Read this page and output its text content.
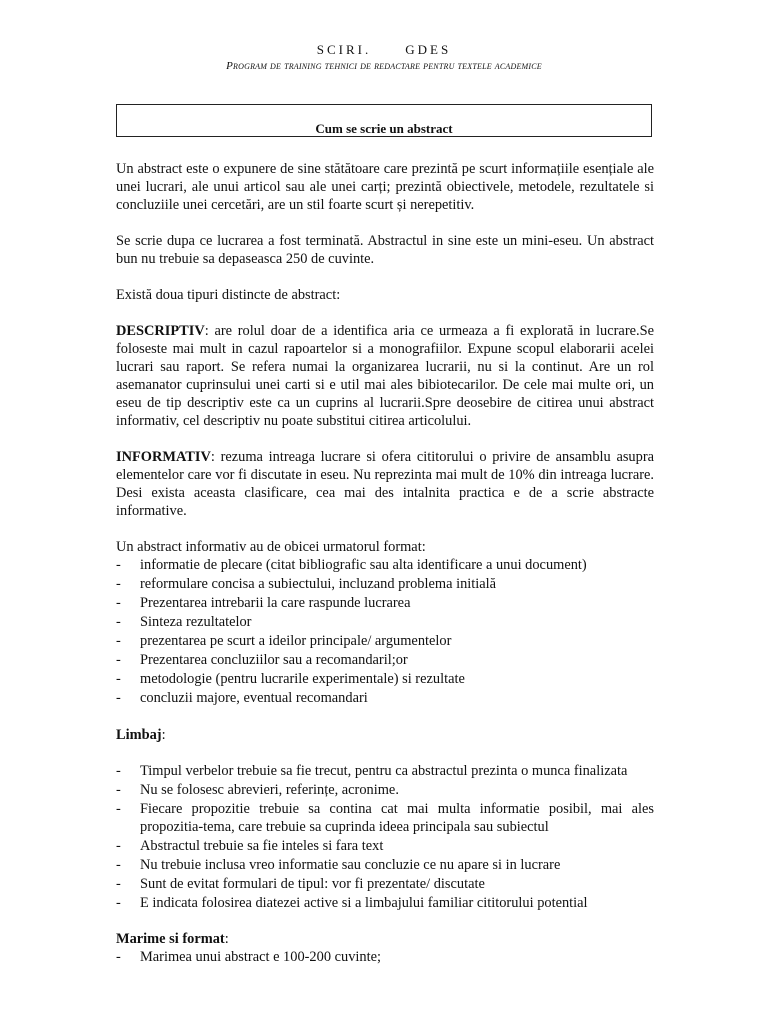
SCIRI.	GDES
Program de training tehnici de redactare pentru textele academice
Cum se scrie un abstract

Un abstract este o expunere de sine stătătoare care prezintă pe scurt informațiile esențiale ale unei lucrari, ale unui articol sau ale unei carți; prezintă obiectivele, metodele, rezultatele si concluziile unei cercetări, are un stil foarte scurt și nerepetitiv.

Se scrie dupa ce lucrarea a fost terminată. Abstractul in sine este un mini-eseu. Un abstract bun nu trebuie sa depaseasca 250 de cuvinte.

Există doua tipuri distincte de abstract:

DESCRIPTIV: are rolul doar de a identifica aria ce urmeaza a fi explorată in lucrare.Se foloseste mai mult in cazul rapoartelor si a monografiilor. Expune scopul elaborarii acelei lucrari sau raport. Se refera numai la organizarea lucrarii, nu si la continut. Are un rol asemanator cuprinsului unei carti si e util mai ales bibiotecarilor. De cele mai multe ori, un eseu de tip descriptiv este ca un cuprins al lucrarii.Spre deosebire de citirea unui abstract informativ, cel descriptiv nu poate substitui citirea articolului.

INFORMATIV: rezuma intreaga lucrare si ofera cititorului o privire de ansamblu asupra elementelor care vor fi discutate in eseu. Nu reprezinta mai mult de 10% din intreaga lucrare. Desi exista aceasta clasificare, cea mai des intalnita practica e de a scrie abstracte informative.

Un abstract informativ au de obicei urmatorul format:

- informatie de plecare (citat bibliografic sau alta identificare a unui document)
- reformulare concisa a subiectului, incluzand problema initială
- Prezentarea intrebarii la care raspunde lucrarea
- Sinteza rezultatelor
- prezentarea pe scurt a ideilor principale/ argumentelor
- Prezentarea concluziilor sau a recomandaril;or
- metodologie (pentru lucrarile experimentale) si rezultate
- concluzii majore, eventual recomandari

Limbaj:

- Timpul verbelor trebuie sa fie trecut, pentru ca abstractul prezinta o munca finalizata
- Nu se folosesc abrevieri, referințe, acronime.
- Fiecare propozitie trebuie sa contina cat mai multa informatie posibil, mai ales propozitia-tema, care trebuie sa cuprinda ideea principala sau subiectul
- Abstractul trebuie sa fie inteles si fara text
- Nu trebuie inclusa vreo informatie sau concluzie ce nu apare si in lucrare
- Sunt de evitat formulari de tipul: vor fi prezentate/ discutate
- E indicata folosirea diatezei active si a limbajului familiar cititorului potential

Marime si format:

- Marimea unui abstract e 100-200 cuvinte;
